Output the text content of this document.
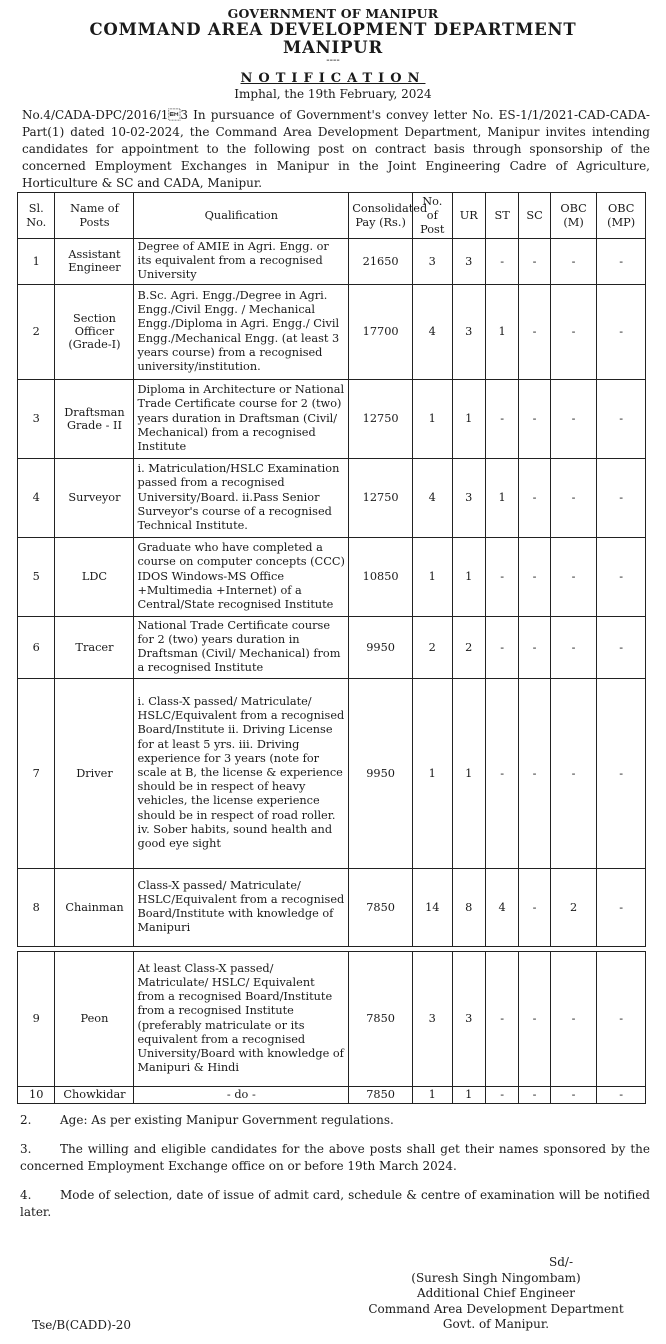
GOVERNMENT OF MANIPUR
COMMAND AREA DEVELOPMENT DEPARTMENT
MANIPUR
----
NOTIFICATION
Imphal, the 19th February, 2024
No.4/CADA-DPC/2016/13 In pursuance of Government's convey letter No. ES-1/1/2021-CAD-CADA-Part(1) dated 10-02-2024, the Command Area Development Department, Manipur invites intending candidates for appointment to the following post on contract basis through sponsorship of the concerned Employment Exchanges in Manipur in the Joint Engineering Cadre of Agriculture, Horticulture & SC and CADA, Manipur.
Sl. No.	Name of Posts	Qualification	Consolidated Pay (Rs.)	No. of Post	UR	ST	SC	OBC (M)	OBC (MP)
1	Assistant Engineer	Degree of AMIE in Agri. Engg. or its equivalent from a recognised University	21650	3	3	-	-	-	-
2	Section Officer (Grade-I)	B.Sc. Agri. Engg./Degree in Agri. Engg./Civil Engg. / Mechanical Engg./Diploma in Agri. Engg./ Civil Engg./Mechanical Engg. (at least 3 years course) from a recognised university/institution.	17700	4	3	1	-	-	-
3	Draftsman Grade - II	Diploma in Architecture or National Trade Certificate course for 2 (two) years duration in Draftsman (Civil/ Mechanical) from a recognised Institute	12750	1	1	-	-	-	-
4	Surveyor	i. Matriculation/HSLC Examination passed from a recognised University/Board. ii.Pass Senior Surveyor's course of a recognised Technical Institute.	12750	4	3	1	-	-	-
5	LDC	Graduate who have completed a course on computer concepts (CCC) IDOS Windows-MS Office +Multimedia +Internet) of a Central/State recognised Institute	10850	1	1	-	-	-	-
6	Tracer	National Trade Certificate course for 2 (two) years duration in Draftsman (Civil/ Mechanical) from a recognised Institute	9950	2	2	-	-	-	-
7	Driver	i. Class-X passed/ Matriculate/ HSLC/Equivalent from a recognised Board/Institute ii. Driving License for at least 5 yrs. iii. Driving experience for 3 years (note for scale at B, the license & experience should be in respect of heavy vehicles, the license experience should be in respect of road roller. iv. Sober habits, sound health and good eye sight	9950	1	1	-	-	-	-
8	Chainman	Class-X passed/ Matriculate/ HSLC/Equivalent from a recognised Board/Institute with knowledge of Manipuri	7850	14	8	4	-	2	-

9	Peon	At least Class-X passed/ Matriculate/ HSLC/ Equivalent from a recognised Board/Institute from a recognised Institute (preferably matriculate or its equivalent from a recognised University/Board with knowledge of Manipuri & Hindi	7850	3	3	-	-	-	-
10	Chowkidar	- do -	7850	1	1	-	-	-	-

2. Age: As per existing Manipur Government regulations.

3. The willing and eligible candidates for the above posts shall get their names sponsored by the concerned Employment Exchange office on or before 19th March 2024.

4. Mode of selection, date of issue of admit card, schedule & centre of examination will be notified later.

Sd/-
(Suresh Singh Ningombam)
Additional Chief Engineer
Command Area Development Department
Govt. of Manipur.
Tse/B(CADD)-20
